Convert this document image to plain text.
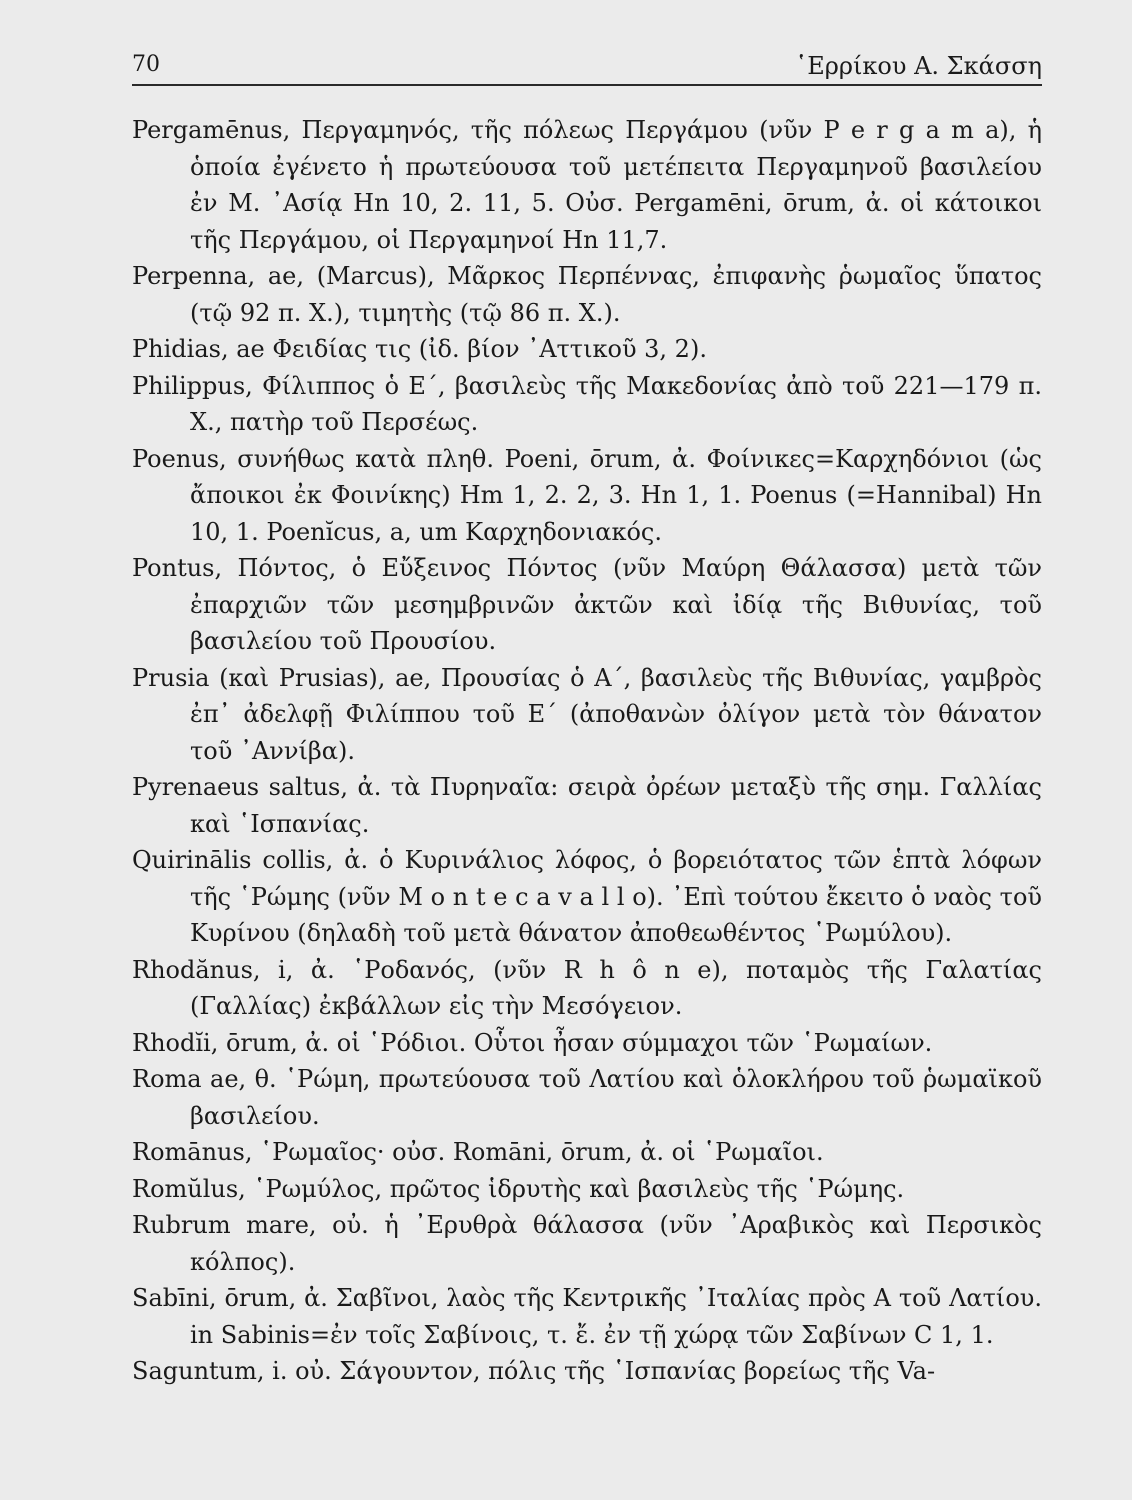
70	῾Ερρίκου Α. Σκάσση

Pergamēnus, Περγαμηνός, τῆς πόλεως Περγάμου (νῦν P e r g a m a), ἡ ὁποία ἐγένετο ἡ πρωτεύουσα τοῦ μετέπειτα Περγαμηνοῦ βασιλείου ἐν Μ. ᾿Ασίᾳ Hn 10, 2. 11, 5. Οὐσ. Pergamēni, ōrum, ἀ. οἱ κάτοικοι τῆς Περγάμου, οἱ Περγαμηνοί Hn 11,7.

Perpenna, ae, (Marcus), Μᾶρκος Περπέννας, ἐπιφανὴς ῥωμαῖος ὕπατος (τῷ 92 π. Χ.), τιμητὴς (τῷ 86 π. Χ.).

Phidias, ae Φειδίας τις (ἰδ. βίον ᾿Αττικοῦ 3, 2).

Philippus, Φίλιππος ὁ Ε΄, βασιλεὺς τῆς Μακεδονίας ἀπὸ τοῦ 221—179 π. Χ., πατὴρ τοῦ Περσέως.

Poenus, συνήθως κατὰ πληθ. Poeni, ōrum, ἀ. Φοίνικες=Καρχηδόνιοι (ὡς ἄποικοι ἐκ Φοινίκης) Hm 1, 2. 2, 3. Hn 1, 1. Poenus (=Hannibal) Hn 10, 1. Poenĭcus, a, um Καρχηδονιακός.

Pontus, Πόντος, ὁ Εὔξεινος Πόντος (νῦν Μαύρη Θάλασσα) μετὰ τῶν ἐπαρχιῶν τῶν μεσημβρινῶν ἀκτῶν καὶ ἰδίᾳ τῆς Βιθυνίας, τοῦ βασιλείου τοῦ Προυσίου.

Prusia (καὶ Prusias), ae, Προυσίας ὁ Α΄, βασιλεὺς τῆς Βιθυνίας, γαμβρὸς ἐπ᾿ ἀδελφῇ Φιλίππου τοῦ Ε΄ (ἀποθανὼν ὀλίγον μετὰ τὸν θάνατον τοῦ ᾿Αννίβα).

Pyrenaeus saltus, ἀ. τὰ Πυρηναῖα: σειρὰ ὀρέων μεταξὺ τῆς σημ. Γαλλίας καὶ ῾Ισπανίας.

Quirinālis collis, ἀ. ὁ Κυρινάλιος λόφος, ὁ βορειότατος τῶν ἑπτὰ λόφων τῆς ῾Ρώμης (νῦν M o n t e c a v a l l o). ᾿Επὶ τούτου ἔκειτο ὁ ναὸς τοῦ Κυρίνου (δηλαδὴ τοῦ μετὰ θάνατον ἀποθεωθέντος ῾Ρωμύλου).

Rhodănus, i, ἀ. ῾Ροδανός, (νῦν R h ô n e), ποταμὸς τῆς Γαλατίας (Γαλλίας) ἐκβάλλων εἰς τὴν Μεσόγειον.

Rhodĭi, ōrum, ἀ. οἱ ῾Ρόδιοι. Οὗτοι ἦσαν σύμμαχοι τῶν ῾Ρωμαίων.

Roma ae, θ. ῾Ρώμη, πρωτεύουσα τοῦ Λατίου καὶ ὁλοκλήρου τοῦ ῥωμαϊκοῦ βασιλείου.

Romānus, ῾Ρωμαῖος· οὐσ. Romāni, ōrum, ἀ. οἱ ῾Ρωμαῖοι.

Romŭlus, ῾Ρωμύλος, πρῶτος ἱδρυτὴς καὶ βασιλεὺς τῆς ῾Ρώμης.

Rubrum mare, οὐ. ἡ ᾿Ερυθρὰ θάλασσα (νῦν ᾿Αραβικὸς καὶ Περσικὸς κόλπος).

Sabīni, ōrum, ἀ. Σαβῖνοι, λαὸς τῆς Κεντρικῆς ᾿Ιταλίας πρὸς Α τοῦ Λατίου. in Sabinis=ἐν τοῖς Σαβίνοις, τ. ἔ. ἐν τῇ χώρᾳ τῶν Σαβίνων C 1, 1.

Saguntum, i. οὐ. Σάγουντον, πόλις τῆς ῾Ισπανίας βορείως τῆς Va-
